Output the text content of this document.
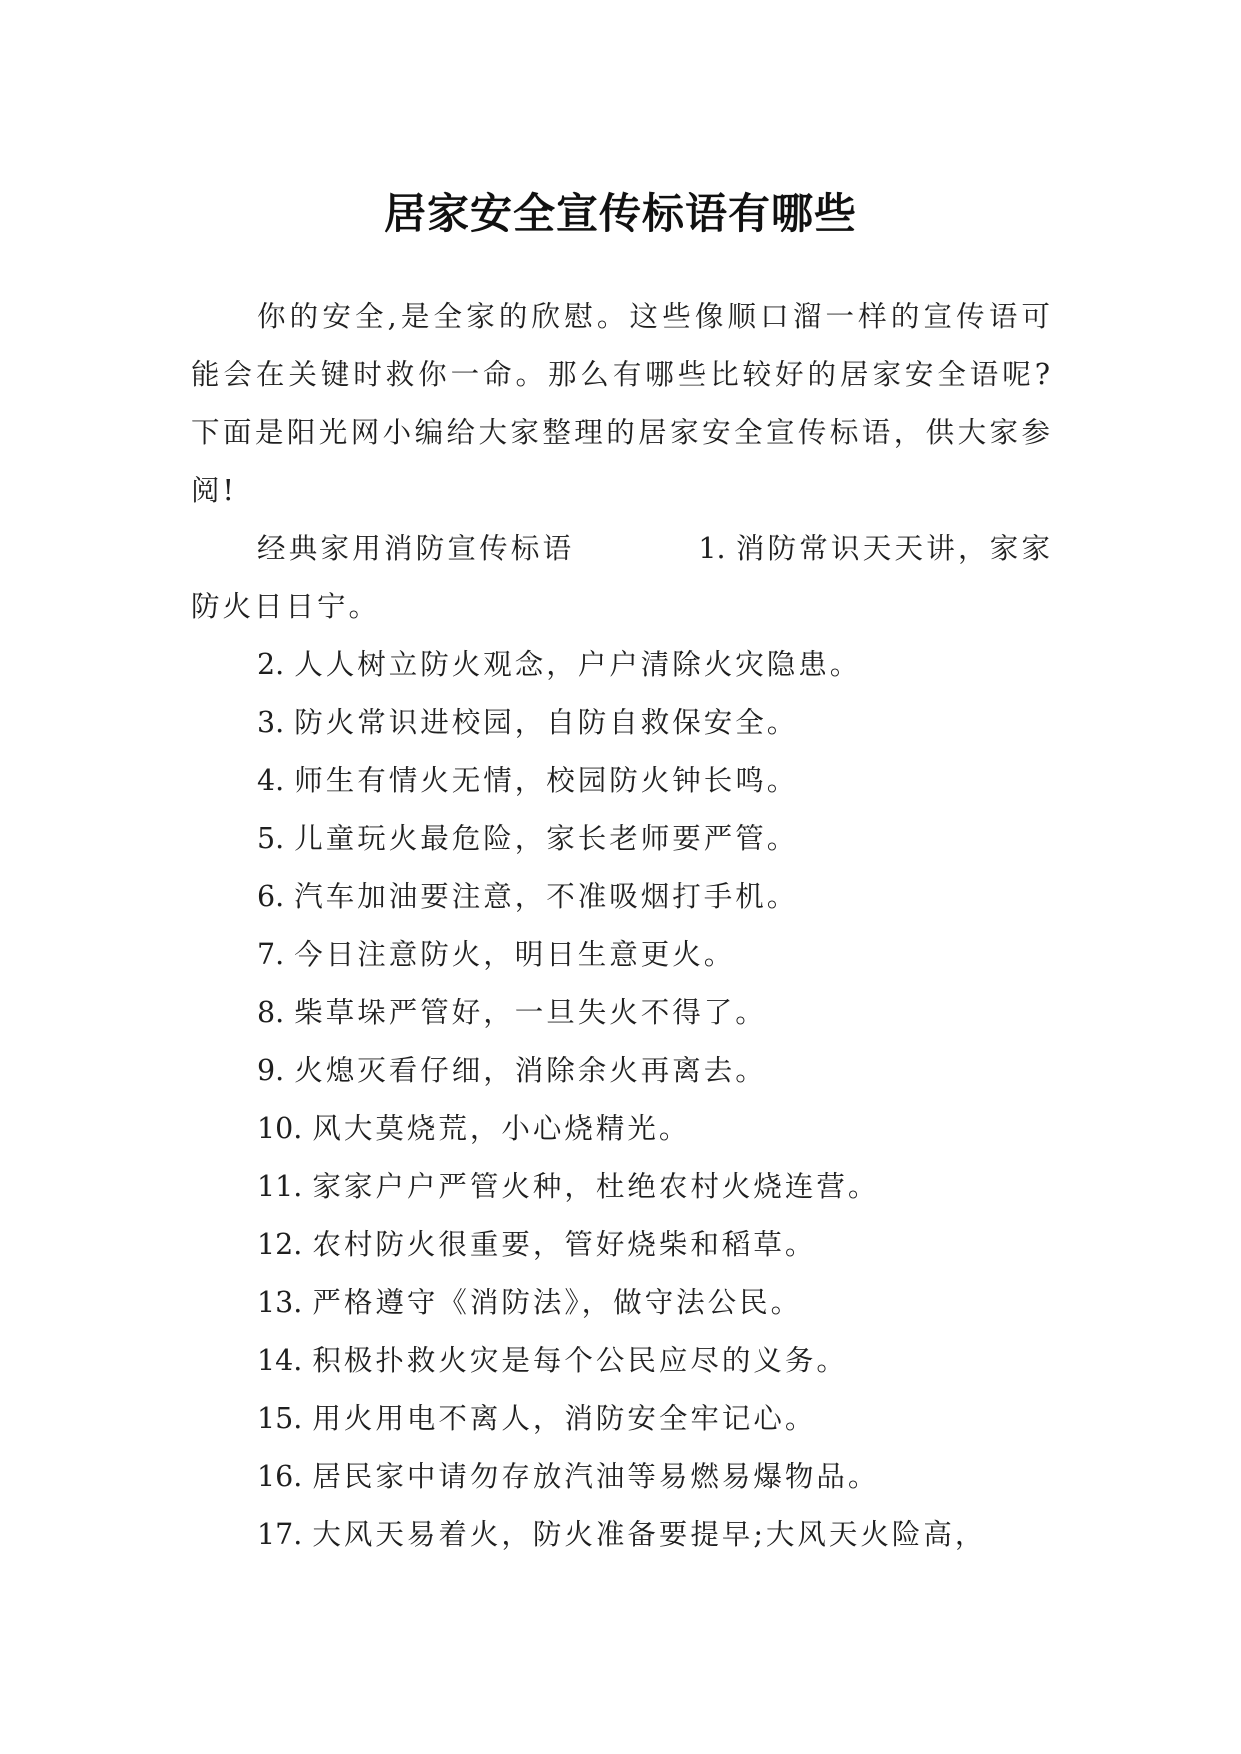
居家安全宣传标语有哪些

你的安全,是全家的欣慰。这些像顺口溜一样的宣传语可能会在关键时救你一命。那么有哪些比较好的居家安全语呢?下面是阳光网小编给大家整理的居家安全宣传标语，供大家参阅!

经典家用消防宣传标语	1. 消防常识天天讲，家家防火日日宁。

2. 人人树立防火观念，户户清除火灾隐患。
3. 防火常识进校园，自防自救保安全。
4. 师生有情火无情，校园防火钟长鸣。
5. 儿童玩火最危险，家长老师要严管。
6. 汽车加油要注意，不准吸烟打手机。
7. 今日注意防火，明日生意更火。
8. 柴草垛严管好，一旦失火不得了。
9. 火熄灭看仔细，消除余火再离去。
10. 风大莫烧荒，小心烧精光。
11. 家家户户严管火种，杜绝农村火烧连营。
12. 农村防火很重要，管好烧柴和稻草。
13. 严格遵守《消防法》，做守法公民。
14. 积极扑救火灾是每个公民应尽的义务。
15. 用火用电不离人，消防安全牢记心。
16. 居民家中请勿存放汽油等易燃易爆物品。
17. 大风天易着火，防火准备要提早;大风天火险高，
